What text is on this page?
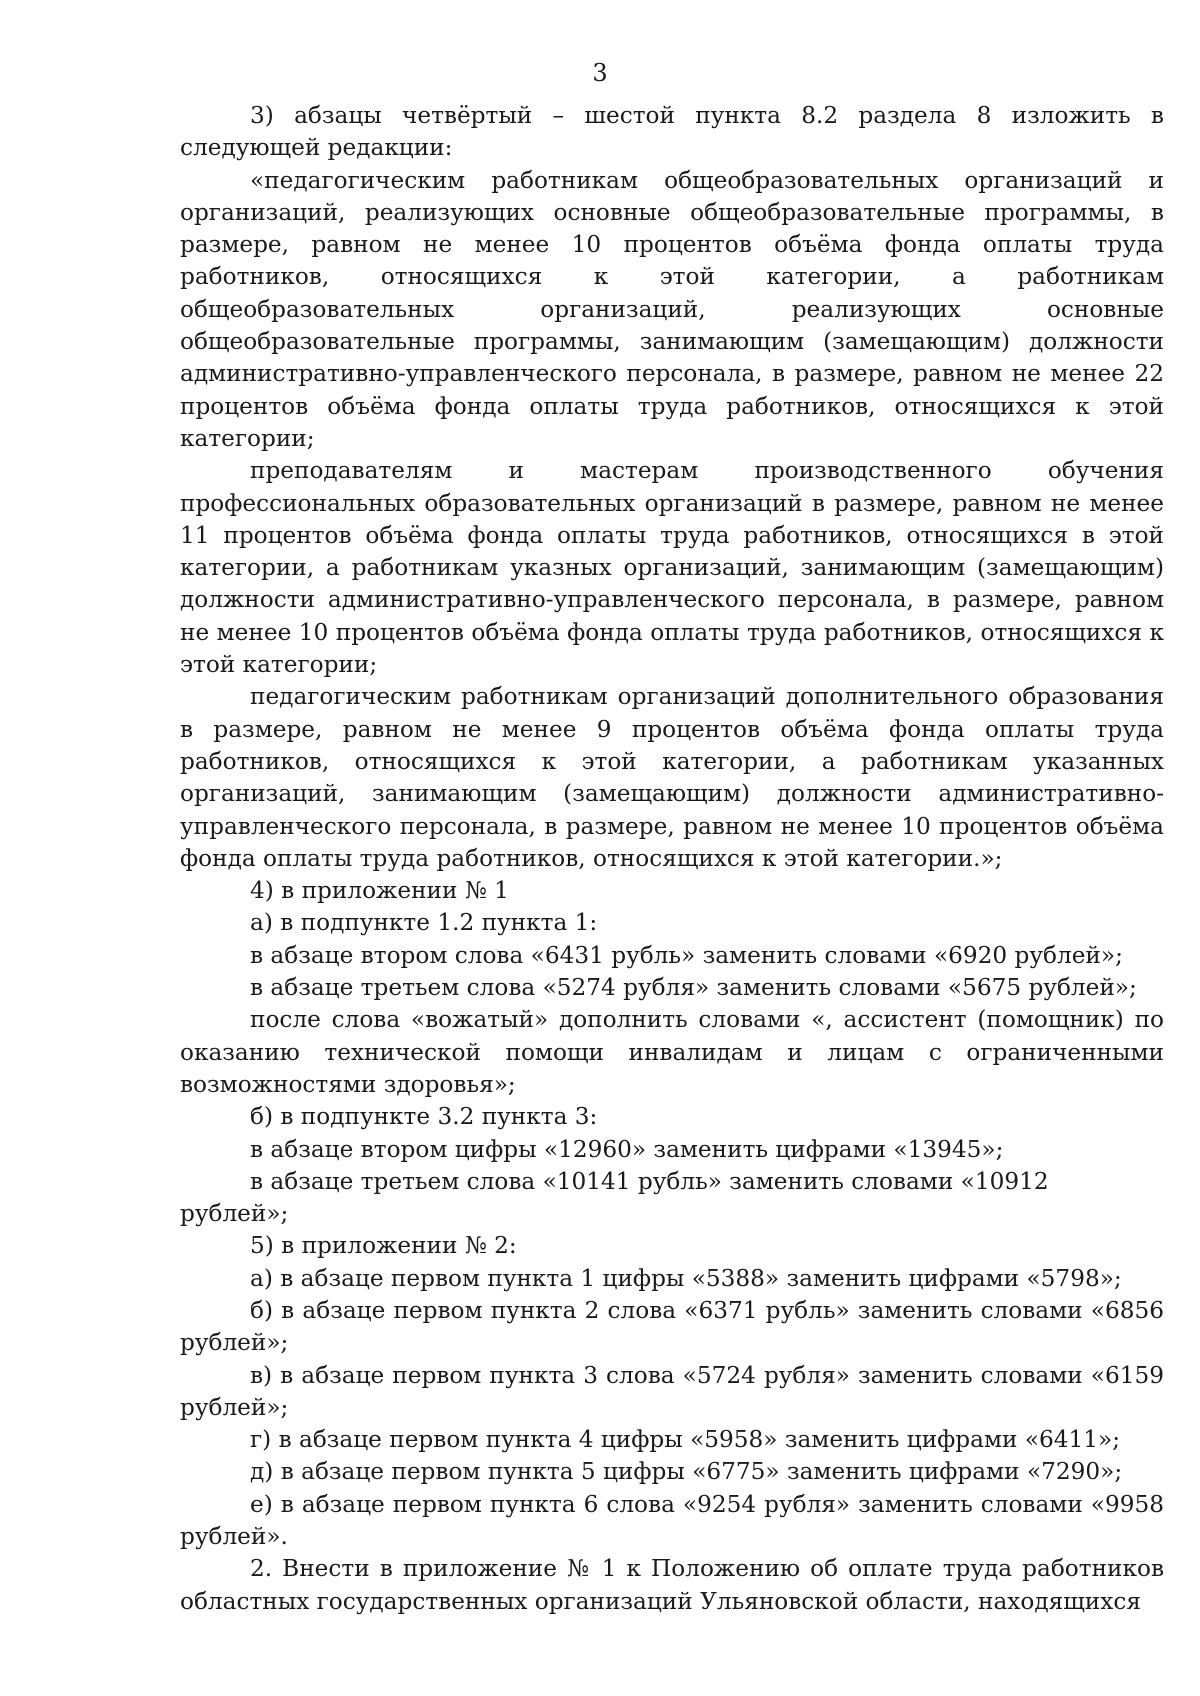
3

3) абзацы четвёртый – шестой пункта 8.2 раздела 8 изложить в следующей редакции:

«педагогическим работникам общеобразовательных организаций и организаций, реализующих основные общеобразовательные программы, в размере, равном не менее 10 процентов объёма фонда оплаты труда работников, относящихся к этой категории, а работникам общеобразовательных организаций, реализующих основные общеобразовательные программы, занимающим (замещающим) должности административно-управленческого персонала, в размере, равном не менее 22 процентов объёма фонда оплаты труда работников, относящихся к этой категории;

преподавателям и мастерам производственного обучения профессиональных образовательных организаций в размере, равном не менее 11 процентов объёма фонда оплаты труда работников, относящихся в этой категории, а работникам указных организаций, занимающим (замещающим) должности административно-управленческого персонала, в размере, равном не менее 10 процентов объёма фонда оплаты труда работников, относящихся к этой категории;

педагогическим работникам организаций дополнительного образования в размере, равном не менее 9 процентов объёма фонда оплаты труда работников, относящихся к этой категории, а работникам указанных организаций, занимающим (замещающим) должности административно-управленческого персонала, в размере, равном не менее 10 процентов объёма фонда оплаты труда работников, относящихся к этой категории.»;

4) в приложении № 1

а) в подпункте 1.2 пункта 1:

в абзаце втором слова «6431 рубль» заменить словами «6920 рублей»;

в абзаце третьем слова «5274 рубля» заменить словами «5675 рублей»;

после слова «вожатый» дополнить словами «, ассистент (помощник) по оказанию технической помощи инвалидам и лицам с ограниченными возможностями здоровья»;

б) в подпункте 3.2 пункта 3:

в абзаце втором цифры «12960» заменить цифрами «13945»;

в абзаце третьем слова «10141 рубль» заменить словами «10912 рублей»;

5) в приложении № 2:

а) в абзаце первом пункта 1 цифры «5388» заменить цифрами «5798»;

б) в абзаце первом пункта 2 слова «6371 рубль» заменить словами «6856 рублей»;

в) в абзаце первом пункта 3 слова «5724 рубля» заменить словами «6159 рублей»;

г) в абзаце первом пункта 4 цифры «5958» заменить цифрами «6411»;

д) в абзаце первом пункта 5 цифры «6775» заменить цифрами «7290»;

е) в абзаце первом пункта 6 слова «9254 рубля» заменить словами «9958 рублей».

2. Внести в приложение № 1 к Положению об оплате труда работников областных государственных организаций Ульяновской области, находящихся
